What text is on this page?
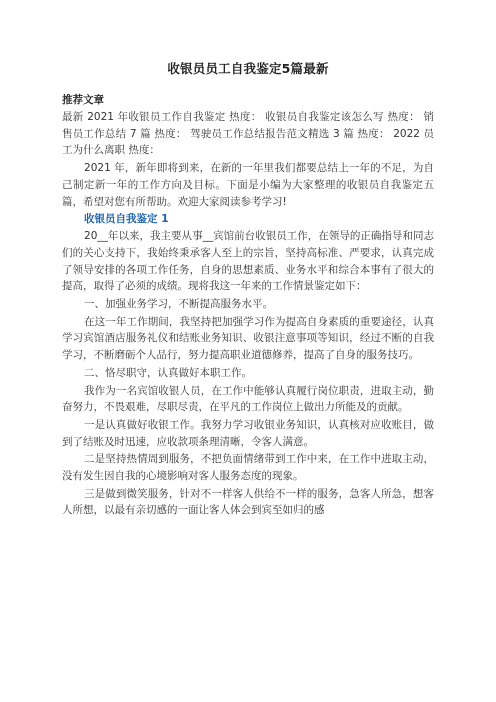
收银员员工自我鉴定5篇最新
推荐文章
最新 2021 年收银员工作自我鉴定 热度： 收银员自我鉴定该怎么写 热度： 销售员工作总结 7 篇 热度： 驾驶员工作总结报告范文精选 3 篇 热度： 2022 员工为什么离职 热度：
2021 年，新年即将到来，在新的一年里我们都要总结上一年的不足，为自己制定新一年的工作方向及目标。下面是小编为大家整理的收银员自我鉴定五篇，希望对您有所帮助。欢迎大家阅读参考学习!
收银员自我鉴定 1
20__年以来，我主要从事__宾馆前台收银员工作，在领导的正确指导和同志们的关心支持下，我始终秉承客人至上的宗旨，坚持高标准、严要求，认真完成了领导安排的各项工作任务，自身的思想素质、业务水平和综合本事有了很大的提高，取得了必须的成绩。现将我这一年来的工作情景鉴定如下：
一、加强业务学习，不断提高服务水平。
在这一年工作期间，我坚持把加强学习作为提高自身素质的重要途径，认真学习宾馆酒店服务礼仪和结账业务知识、收银注意事项等知识，经过不断的自我学习，不断磨砺个人品行，努力提高职业道德修养，提高了自身的服务技巧。
二、恪尽职守，认真做好本职工作。
我作为一名宾馆收银人员，在工作中能够认真履行岗位职责，进取主动，勤奋努力，不畏艰难，尽职尽责，在平凡的工作岗位上做出力所能及的贡献。
一是认真做好收银工作。我努力学习收银业务知识，认真核对应收账目，做到了结账及时迅速，应收款项条理清晰，令客人满意。
二是坚持热情周到服务，不把负面情绪带到工作中来，在工作中进取主动，没有发生因自我的心境影响对客人服务态度的现象。
三是做到微笑服务，针对不一样客人供给不一样的服务，急客人所急，想客人所想，以最有亲切感的一面让客人体会到宾至如归的感
